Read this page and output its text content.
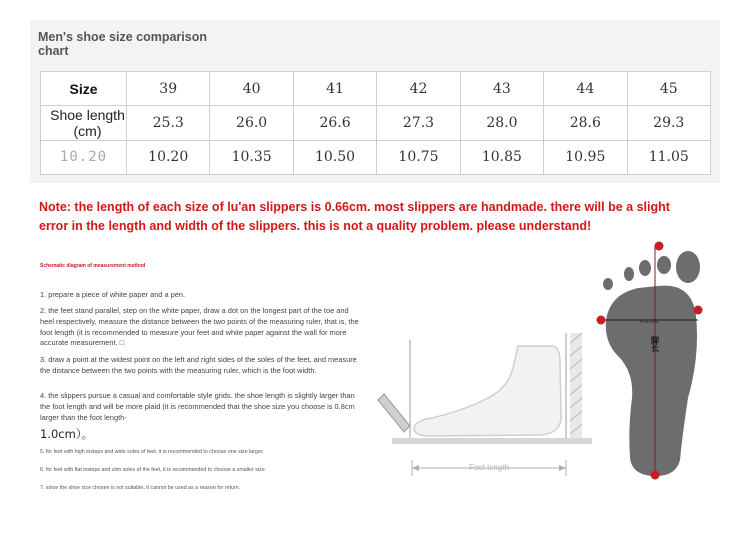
Men's shoe size comparison chart
Size	39	40	41	42	43	44	45
Shoe length (cm)	25.3	26.0	26.6	27.3	28.0	28.6	29.3
10.20	10.20	10.35	10.50	10.75	10.85	10.95	11.05
Note: the length of each size of lu'an slippers is 0.66cm. most slippers are handmade. there will be a slight error in the length and width of the slippers. this is not a quality problem. please understand!
Schematic diagram of measurement method
1. prepare a piece of white paper and a pen.
2. the feet stand parallel, step on the white paper, draw a dot on the longest part of the toe and heel respectively, measure the distance between the two points of the measuring ruler, that is, the foot length (it is recommended to measure your feet and white paper against the wall for more accurate measurement. □
3. draw a point at the widest point on the left and right sides of the soles of the feet, and measure the distance between the two points with the measuring ruler, which is the foot width.
4. the slippers pursue a casual and comfortable style grids. the shoe length is slightly larger than the foot length and will be more plaid (it is recommended that the shoe size you choose is 0.8cm larger than the foot length-
1.0cm）。
5. for feet with high insteps and wide soles of feet, it is recommended to choose one size larger.
6. for feet with flat insteps and slim soles of the feet, it is recommended to choose a smaller size.
7. since the shoe size chosen is not suitable, it cannot be used as a reason for return.
Foot length
Foot width
脚长
